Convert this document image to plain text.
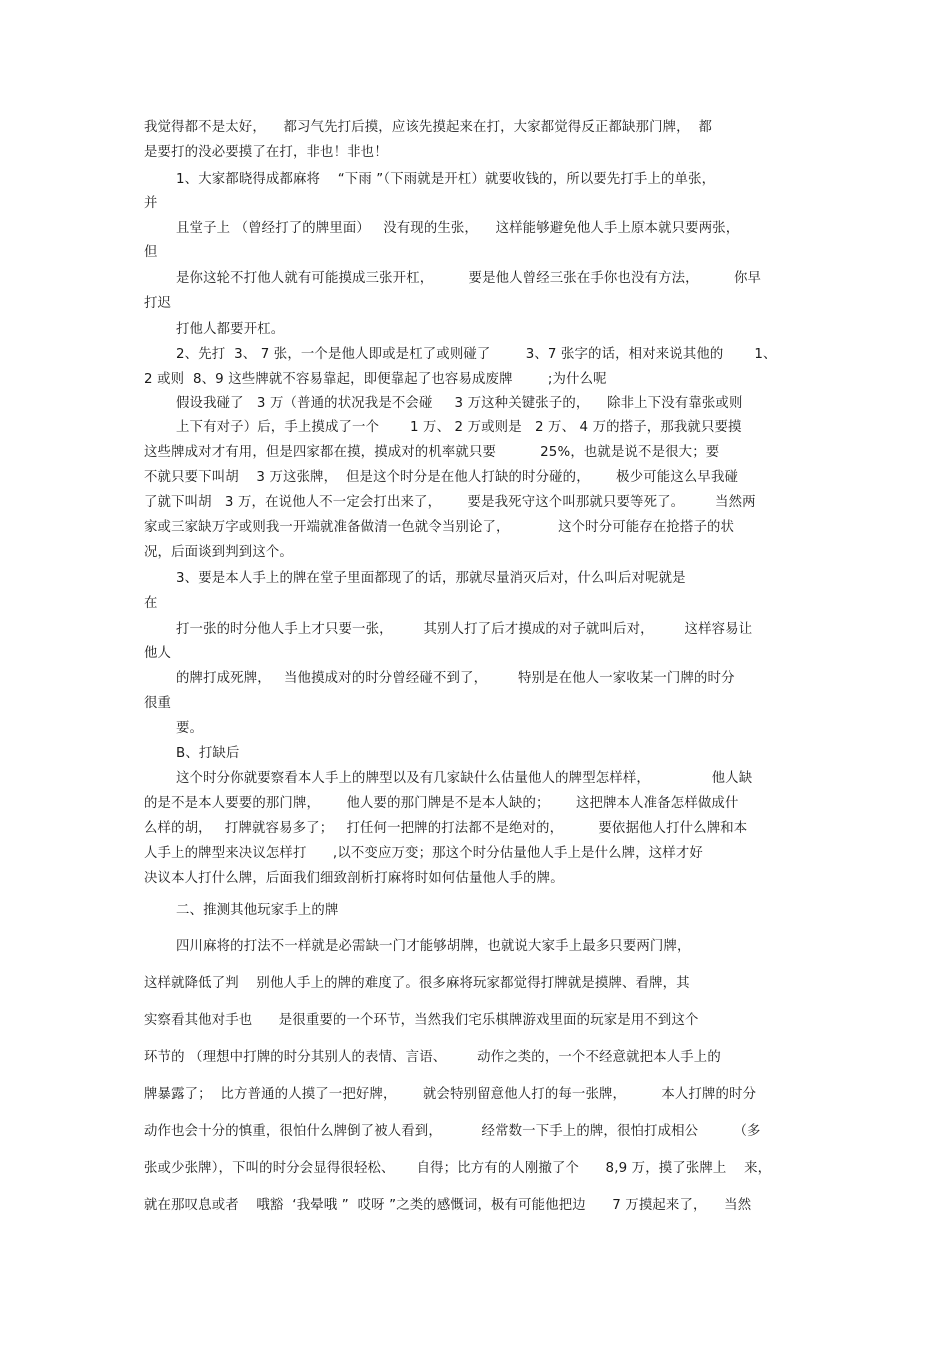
我觉得都不是太好，    都习气先打后摸，应该先摸起来在打，大家都觉得反正都缺那门牌，  都
是要打的没必要摸了在打，非也！非也！
1、大家都晓得成都麻将    “下雨 ”（下雨就是开杠）就要收钱的，所以要先打手上的单张，
并
且堂子上 （曾经打了的牌里面）   没有现的生张，    这样能够避免他人手上原本就只要两张，
但
是你这轮不打他人就有可能摸成三张开杠，        要是他人曾经三张在手你也没有方法，        你早
打迟
打他人都要开杠。
2、先打  3、 7 张，一个是他人即或是杠了或则碰了        3、7 张字的话，相对来说其他的       1、
2 或则  8、9 这些牌就不容易靠起，即便靠起了也容易成废牌        ;为什么呢
假设我碰了   3 万（普通的状况我是不会碰     3 万这种关键张子的，    除非上下没有靠张或则
上下有对子）后，手上摸成了一个       1 万、 2 万或则是   2 万、 4 万的搭子，那我就只要摸
这些牌成对才有用，但是四家都在摸，摸成对的机率就只要          25%，也就是说不是很大；要
不就只要下叫胡    3 万这张牌，  但是这个时分是在他人打缺的时分碰的，      极少可能这么早我碰
了就下叫胡   3 万，在说他人不一定会打出来了，      要是我死守这个叫那就只要等死了。       当然两
家或三家缺万字或则我一开端就准备做清一色就令当别论了，           这个时分可能存在抢搭子的状
况，后面谈到判到这个。
3、要是本人手上的牌在堂子里面都现了的话，那就尽量消灭后对，什么叫后对呢就是
在
打一张的时分他人手上才只要一张，       其别人打了后才摸成的对子就叫后对，       这样容易让
他人
的牌打成死牌，   当他摸成对的时分曾经碰不到了，       特别是在他人一家收某一门牌的时分
很重
要。
B、打缺后
这个时分你就要察看本人手上的牌型以及有几家缺什么估量他人的牌型怎样样，              他人缺
的是不是本人要要的那门牌，      他人要的那门牌是不是本人缺的；      这把牌本人准备怎样做成什
么样的胡，   打牌就容易多了；   打任何一把牌的打法都不是绝对的，        要依据他人打什么牌和本
人手上的牌型来决议怎样打      ,以不变应万变；那这个时分估量他人手上是什么牌，这样才好
决议本人打什么牌，后面我们细致剖析打麻将时如何估量他人手的牌。
二、推测其他玩家手上的牌
四川麻将的打法不一样就是必需缺一门才能够胡牌，也就说大家手上最多只要两门牌，
这样就降低了判    别他人手上的牌的难度了。很多麻将玩家都觉得打牌就是摸牌、看牌，其
实察看其他对手也      是很重要的一个环节，当然我们宅乐棋牌游戏里面的玩家是用不到这个
环节的 （理想中打牌的时分其别人的表情、言语、       动作之类的，一个不经意就把本人手上的
牌暴露了；  比方普通的人摸了一把好牌，      就会特别留意他人打的每一张牌，        本人打牌的时分
动作也会十分的慎重，很怕什么牌倒了被人看到，         经常数一下手上的牌，很怕打成相公        （多
张或少张牌），下叫的时分会显得很轻松、     自得；比方有的人刚撤了个      8,9 万，摸了张牌上    来，
就在那叹息或者    哦豁  ‘我晕哦 ”  哎呀 ”之类的感慨词，极有可能他把边      7 万摸起来了，    当然
